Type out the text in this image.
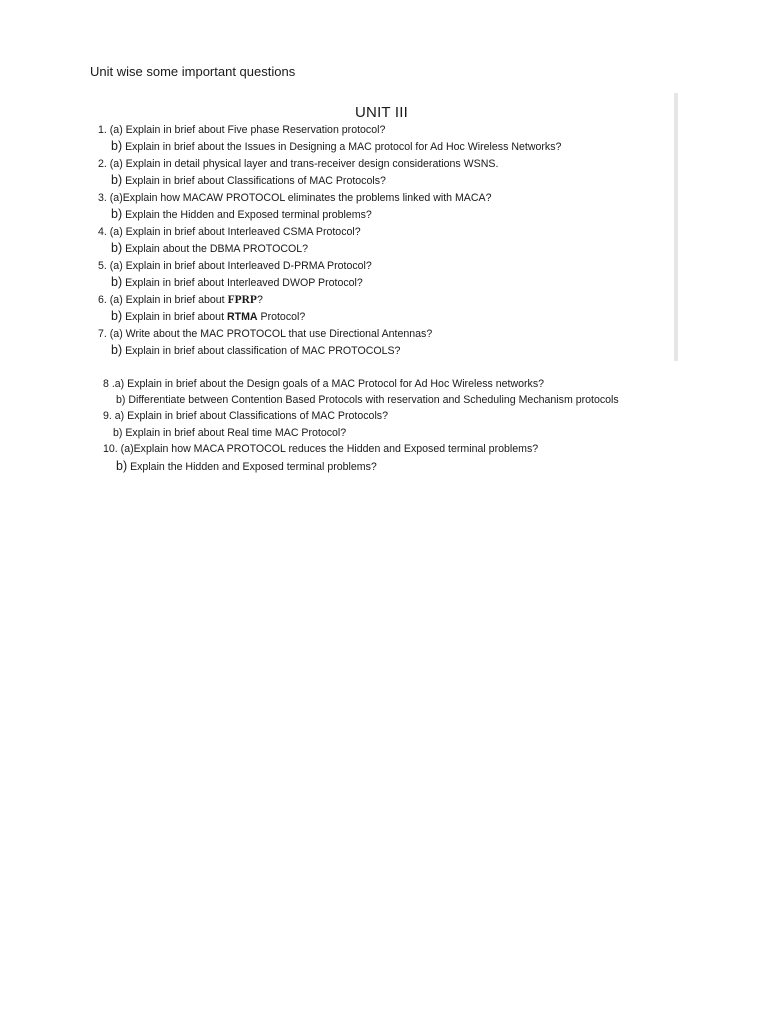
Unit wise some important questions
UNIT III
1. (a) Explain in brief about Five phase Reservation protocol?
b) Explain in brief about the Issues in Designing a MAC protocol for Ad Hoc Wireless Networks?
2. (a) Explain in detail physical layer and trans-receiver design considerations WSNS.
b) Explain in brief about Classifications of MAC Protocols?
3. (a)Explain how MACAW PROTOCOL eliminates the problems linked with MACA?
b) Explain the Hidden and Exposed terminal problems?
4. (a) Explain in brief about Interleaved CSMA Protocol?
b) Explain about the DBMA PROTOCOL?
5. (a) Explain in brief about Interleaved D-PRMA Protocol?
b) Explain in brief about Interleaved DWOP Protocol?
6. (a) Explain in brief about FPRP?
b) Explain in brief about RTMA Protocol?
7. (a) Write about the MAC PROTOCOL that use Directional Antennas?
b) Explain in brief about classification of MAC PROTOCOLS?
8 .a) Explain in brief about the Design goals of a MAC Protocol for Ad Hoc Wireless networks?
b) Differentiate between Contention Based Protocols with reservation and Scheduling Mechanism protocols
9. a) Explain in brief about Classifications of MAC Protocols?
b) Explain in brief about Real time MAC Protocol?
10. (a)Explain how MACA PROTOCOL reduces the Hidden and Exposed terminal problems?
b) Explain the Hidden and Exposed terminal problems?
